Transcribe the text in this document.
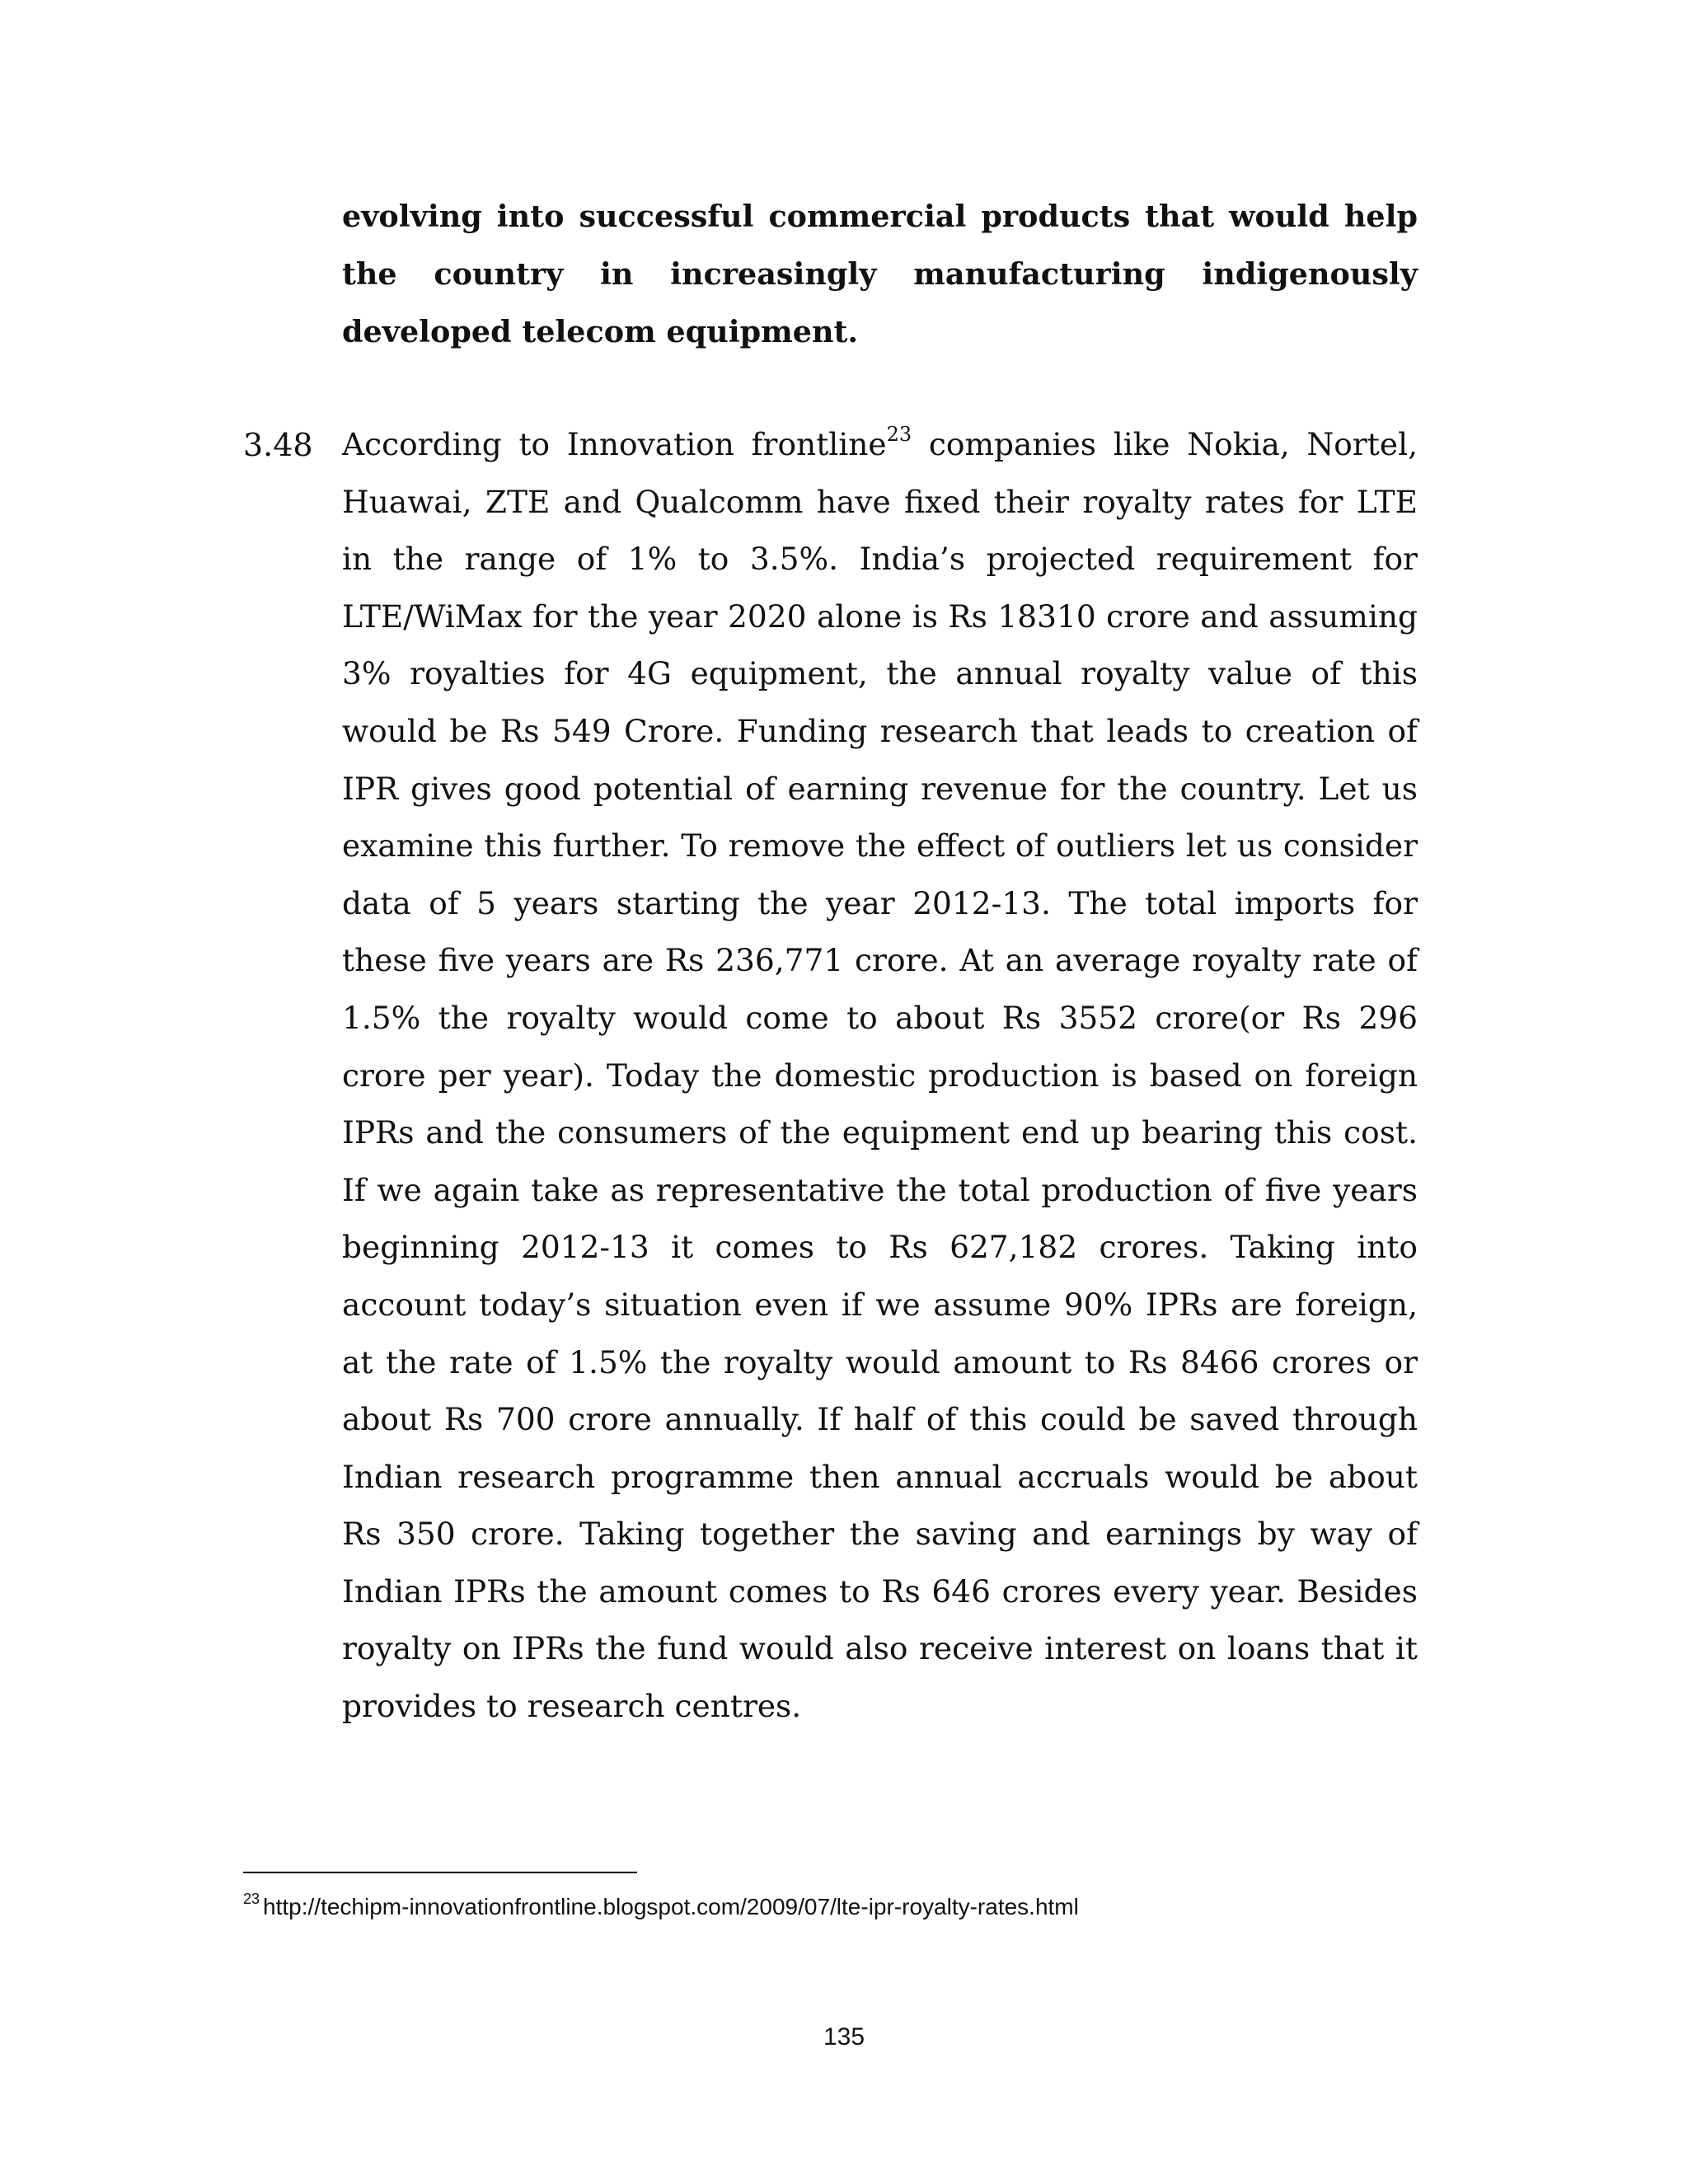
evolving into successful commercial products that would help the country in increasingly manufacturing indigenously developed telecom equipment.
3.48 According to Innovation frontline$^{23}$ companies like Nokia, Nortel, Huawai, ZTE and Qualcomm have fixed their royalty rates for LTE in the range of 1% to 3.5%. India’s projected requirement for LTE/WiMax for the year 2020 alone is Rs 18310 crore and assuming 3% royalties for 4G equipment, the annual royalty value of this would be Rs 549 Crore. Funding research that leads to creation of IPR gives good potential of earning revenue for the country. Let us examine this further. To remove the effect of outliers let us consider data of 5 years starting the year 2012-13. The total imports for these five years are Rs 236,771 crore. At an average royalty rate of 1.5% the royalty would come to about Rs 3552 crore(or Rs 296 crore per year). Today the domestic production is based on foreign IPRs and the consumers of the equipment end up bearing this cost. If we again take as representative the total production of five years beginning 2012-13 it comes to Rs 627,182 crores. Taking into account today’s situation even if we assume 90% IPRs are foreign, at the rate of 1.5% the royalty would amount to Rs 8466 crores or about Rs 700 crore annually. If half of this could be saved through Indian research programme then annual accruals would be about Rs 350 crore. Taking together the saving and earnings by way of Indian IPRs the amount comes to Rs 646 crores every year. Besides royalty on IPRs the fund would also receive interest on loans that it provides to research centres.
$^{23}$ http://techipm-innovationfrontline.blogspot.com/2009/07/lte-ipr-royalty-rates.html
135
